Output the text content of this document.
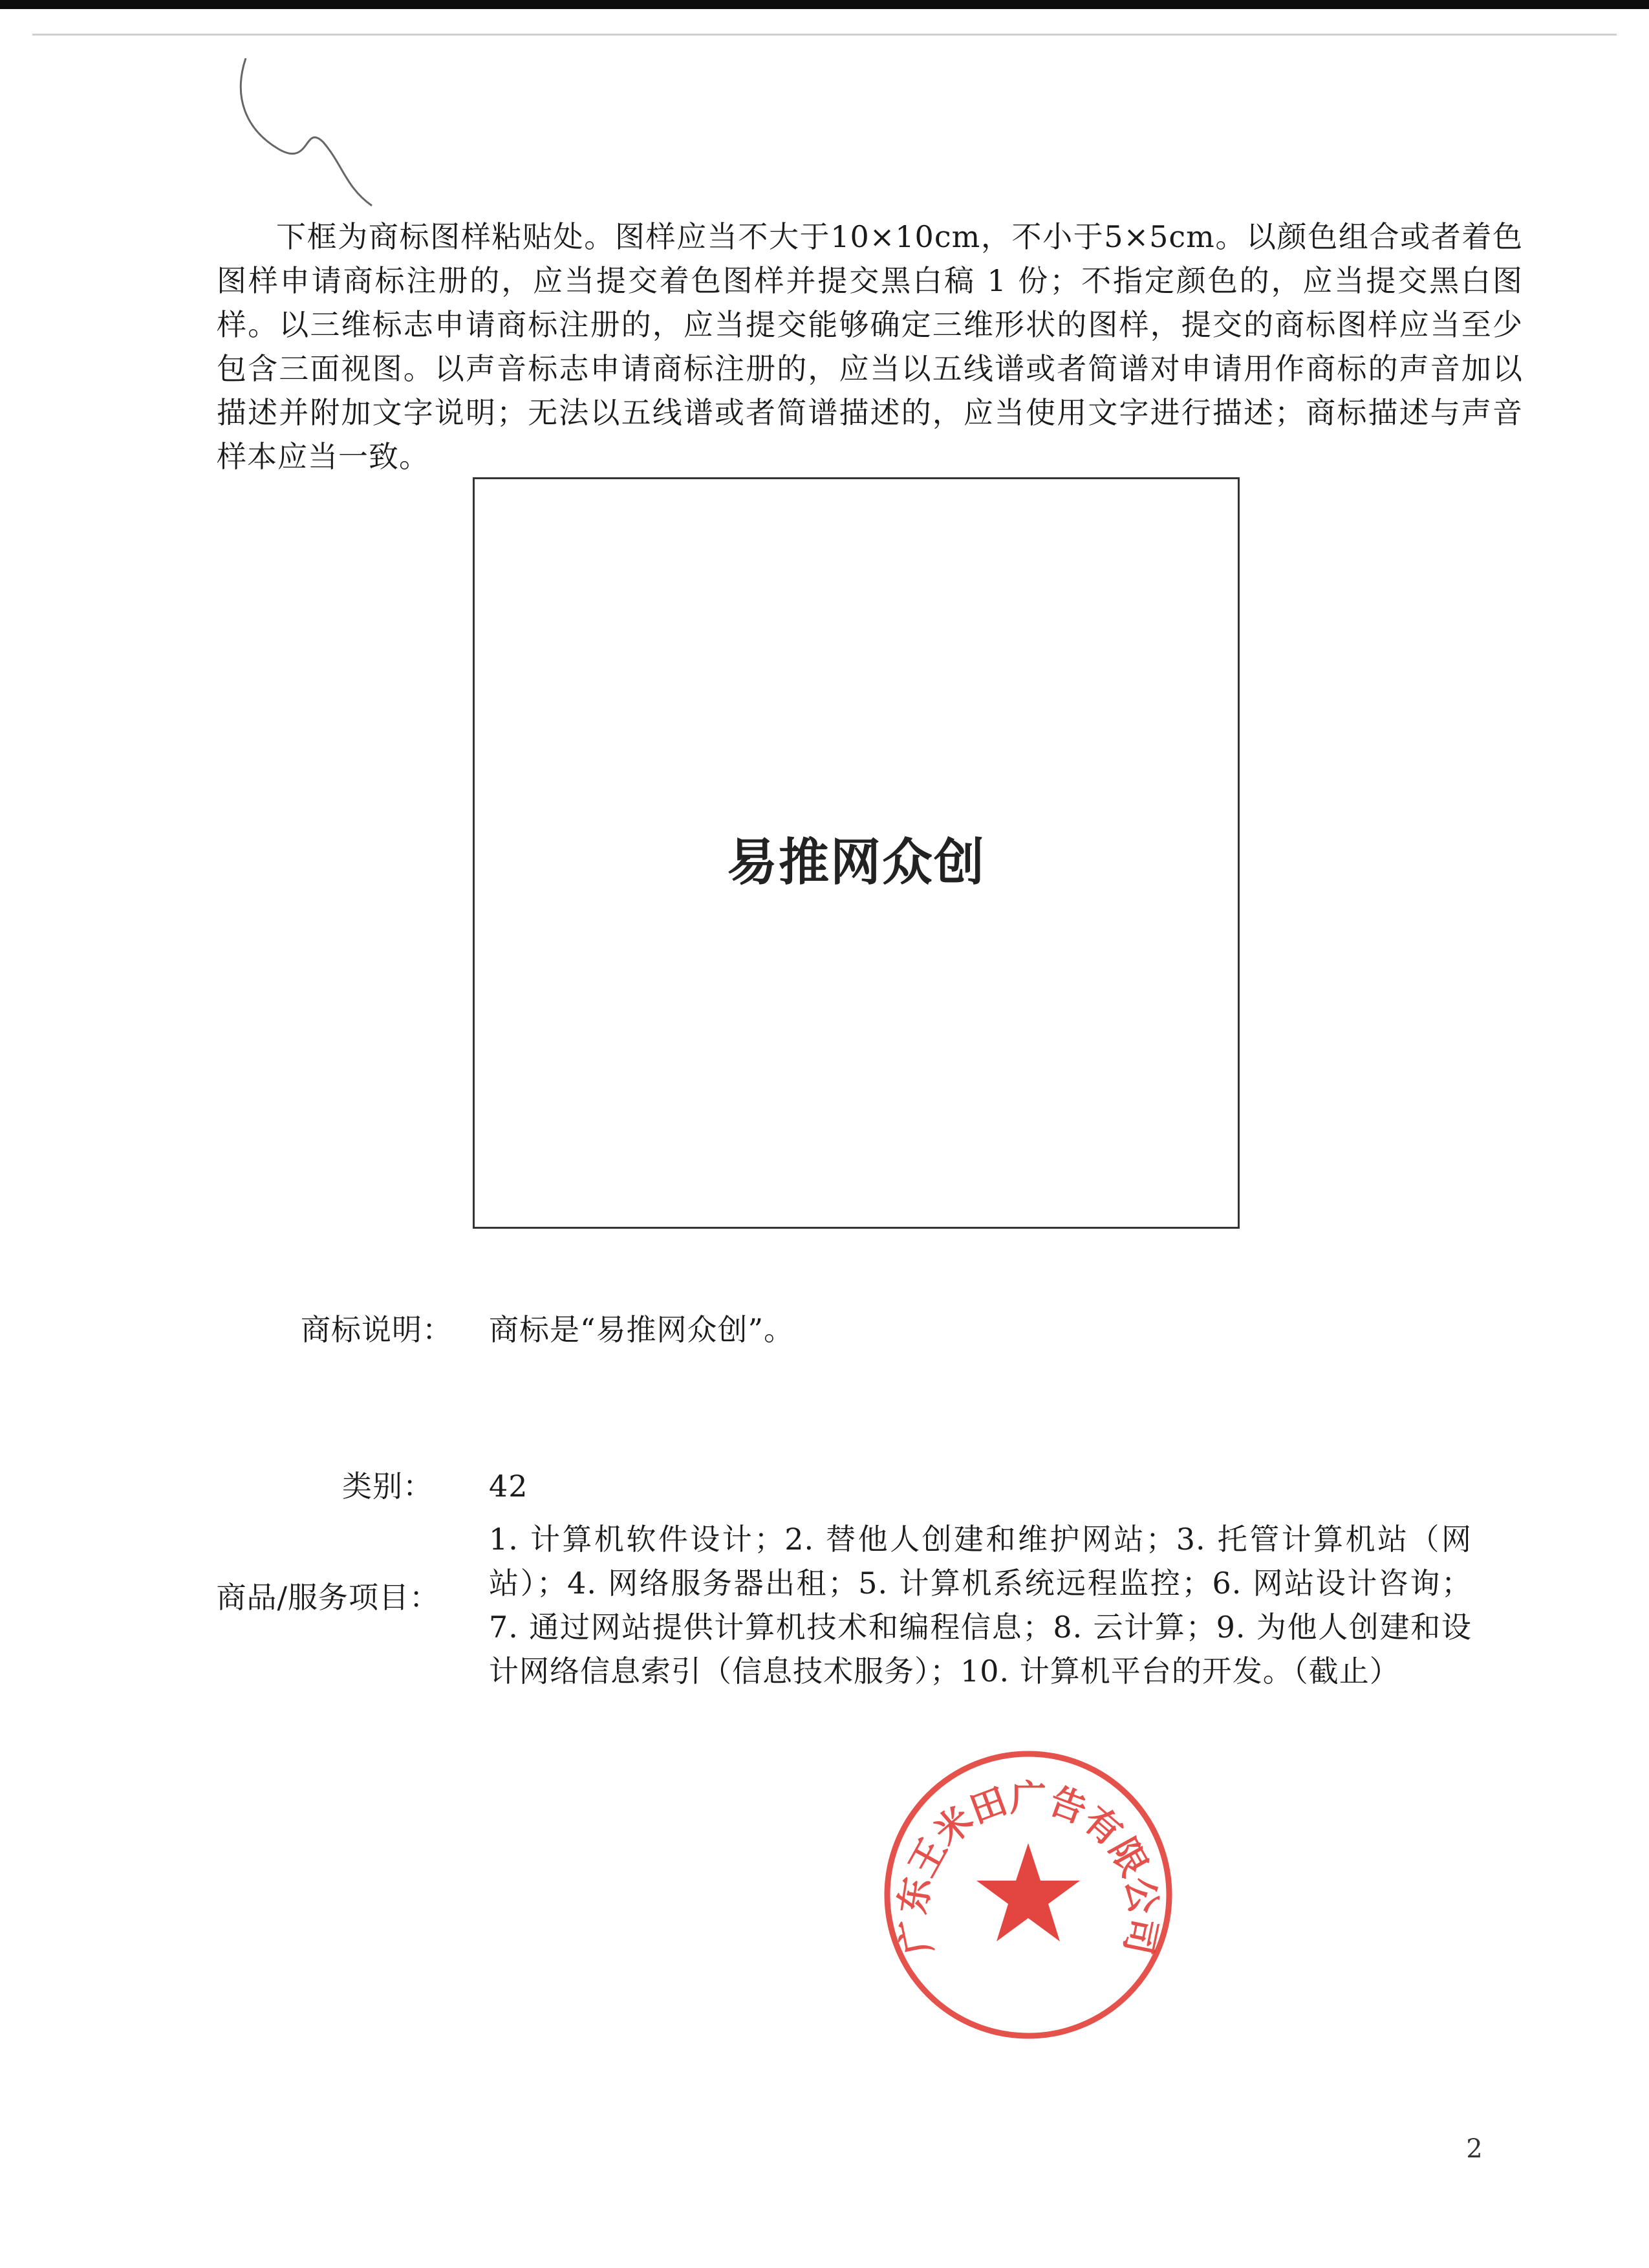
下框为商标图样粘贴处。图样应当不大于10×10cm，不小于5×5cm。以颜色组合或者着色图样申请商标注册的，应当提交着色图样并提交黑白稿 1 份；不指定颜色的，应当提交黑白图样。以三维标志申请商标注册的，应当提交能够确定三维形状的图样，提交的商标图样应当至少包含三面视图。以声音标志申请商标注册的，应当以五线谱或者简谱对申请用作商标的声音加以描述并附加文字说明；无法以五线谱或者简谱描述的，应当使用文字进行描述；商标描述与声音样本应当一致。

易推网众创
商标说明： 商标是“易推网众创”。
类别： 42
商品/服务项目：
1. 计算机软件设计；2. 替他人创建和维护网站；3. 托管计算机站（网站）；4. 网络服务器出租；5. 计算机系统远程监控；6. 网站设计咨询；7. 通过网站提供计算机技术和编程信息；8. 云计算；9. 为他人创建和设计网络信息索引（信息技术服务）；10. 计算机平台的开发。（截止）
广东王米田广告有限公司
2
